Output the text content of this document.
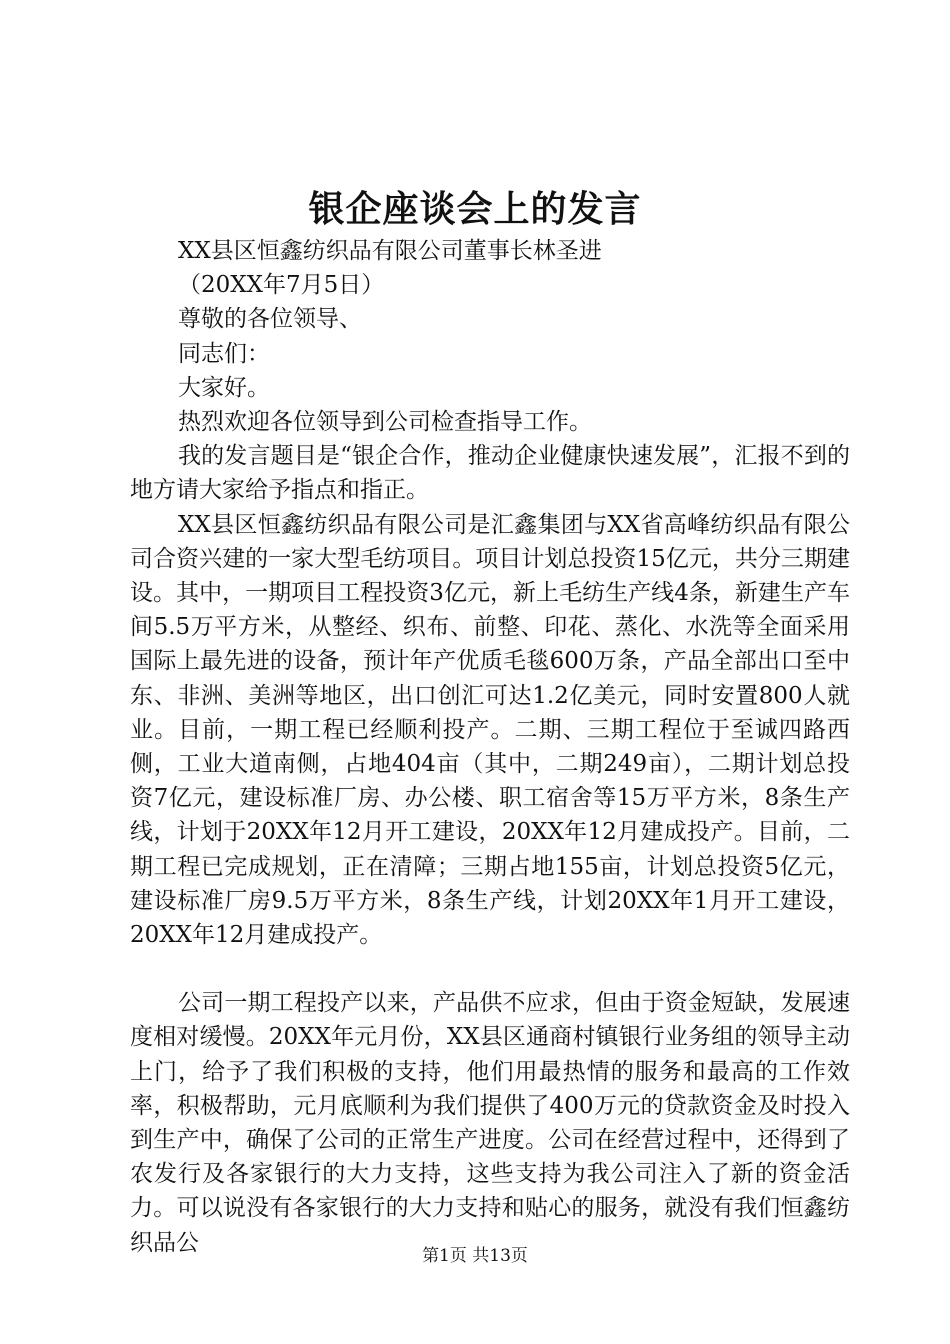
银企座谈会上的发言

XX县区恒鑫纺织品有限公司董事长林圣进

（20XX年7月5日）

尊敬的各位领导、

同志们：

大家好。

热烈欢迎各位领导到公司检查指导工作。

我的发言题目是“银企合作，推动企业健康快速发展”，汇报不到的地方请大家给予指点和指正。

XX县区恒鑫纺织品有限公司是汇鑫集团与XX省高峰纺织品有限公司合资兴建的一家大型毛纺项目。项目计划总投资15亿元，共分三期建设。其中，一期项目工程投资3亿元，新上毛纺生产线4条，新建生产车间5.5万平方米，从整经、织布、前整、印花、蒸化、水洗等全面采用国际上最先进的设备，预计年产优质毛毯600万条，产品全部出口至中东、非洲、美洲等地区，出口创汇可达1.2亿美元，同时安置800人就业。目前，一期工程已经顺利投产。二期、三期工程位于至诚四路西侧，工业大道南侧，占地404亩（其中，二期249亩），二期计划总投资7亿元，建设标准厂房、办公楼、职工宿舍等15万平方米，8条生产线，计划于20XX年12月开工建设，20XX年12月建成投产。目前，二期工程已完成规划，正在清障；三期占地155亩，计划总投资5亿元，建设标准厂房9.5万平方米，8条生产线，计划20XX年1月开工建设，20XX年12月建成投产。

公司一期工程投产以来，产品供不应求，但由于资金短缺，发展速度相对缓慢。20XX年元月份，XX县区通商村镇银行业务组的领导主动上门，给予了我们积极的支持，他们用最热情的服务和最高的工作效率，积极帮助，元月底顺利为我们提供了400万元的贷款资金及时投入到生产中，确保了公司的正常生产进度。公司在经营过程中，还得到了农发行及各家银行的大力支持，这些支持为我公司注入了新的资金活力。可以说没有各家银行的大力支持和贴心的服务，就没有我们恒鑫纺织品公

第1页 共13页
